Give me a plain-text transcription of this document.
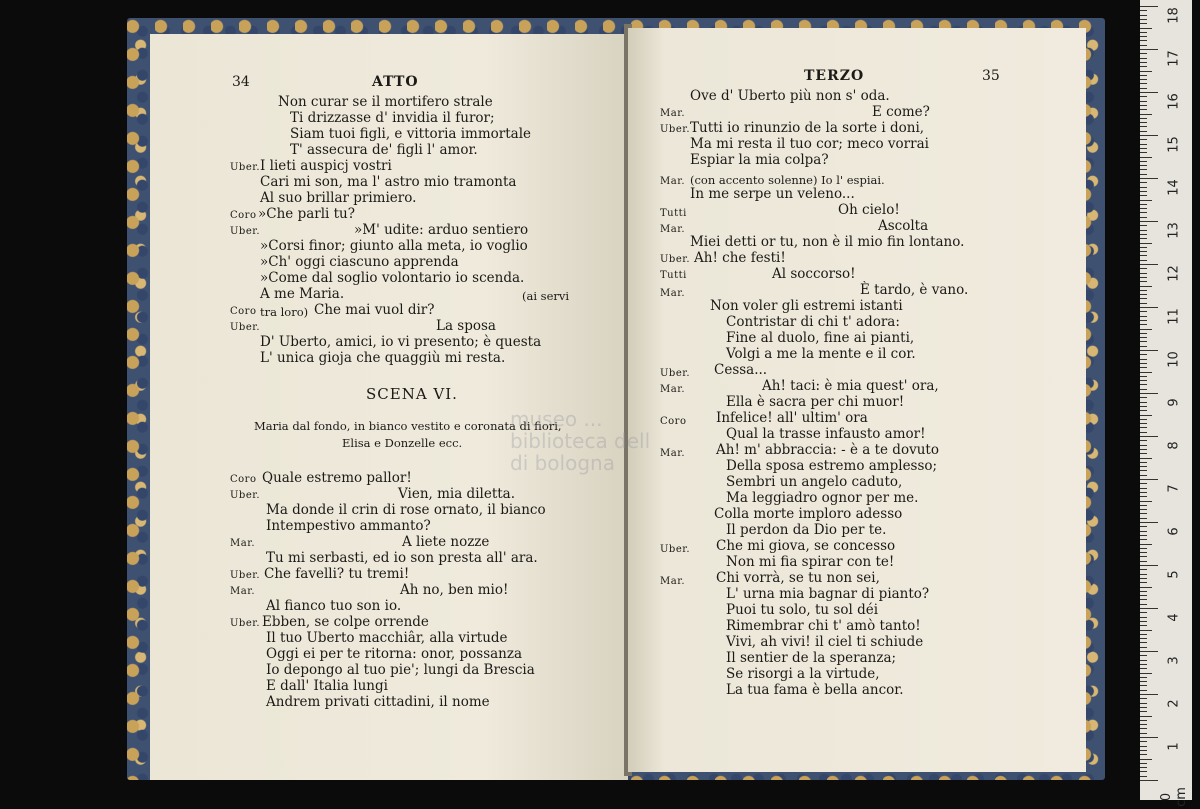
34	ATTO
Non curar se il mortifero strale
Ti drizzasse d' invidia il furor;
Siam tuoi figli, e vittoria immortale
T' assecura de' figli l' amor.
Uber. I lieti auspicj vostri
Cari mi son, ma l' astro mio tramonta
Al suo brillar primiero.
Coro »Che parli tu?
Uber.	»M' udite: arduo sentiero
»Corsi finor; giunto alla meta, io voglio
»Ch' oggi ciascuno apprenda
»Come dal soglio volontario io scenda.
A me Maria.	(ai servi
Coro tra loro) Che mai vuol dir?
Uber.	La sposa
D' Uberto, amici, io vi presento; è questa
L' unica gioja che quaggiù mi resta.
SCENA VI.
Maria dal fondo, in bianco vestito e coronata di fiori,
Elisa e Donzelle ecc.
Coro Quale estremo pallor!
Uber.	Vien, mia diletta.
Ma donde il crin di rose ornato, il bianco
Intempestivo ammanto?
Mar.	A liete nozze
Tu mi serbasti, ed io son presta all' ara.
Uber. Che favelli? tu tremi!
Mar.	Ah no, ben mio!
Al fianco tuo son io.
Uber. Ebben, se colpe orrende
Il tuo Uberto macchiâr, alla virtude
Oggi ei per te ritorna: onor, possanza
Io depongo al tuo pie'; lungi da Brescia
E dall' Italia lungi
Andrem privati cittadini, il nome
TERZO	35
Ove d' Uberto più non s' oda.
Mar.	E come?
Uber. Tutti io rinunzio de la sorte i doni,
Ma mi resta il tuo cor; meco vorrai
Espiar la mia colpa?
Mar. (con accento solenne) Io l' espiai.
In me serpe un veleno...
Tutti	Oh cielo!
Mar.	Ascolta
Miei detti or tu, non è il mio fin lontano.
Uber. Ah! che festi!
Tutti	Al soccorso!
Mar.	È tardo, è vano.
Non voler gli estremi istanti
Contristar di chi t' adora:
Fine al duolo, fine ai pianti,
Volgi a me la mente e il cor.
Uber. Cessa...
Mar.	Ah! taci: è mia quest' ora,
Ella è sacra per chi muor!
Coro Infelice! all' ultim' ora
Qual la trasse infausto amor!
Mar. Ah! m' abbraccia: - è a te dovuto
Della sposa estremo amplesso;
Sembri un angelo caduto,
Ma leggiadro ognor per me.
Colla morte imploro adesso
Il perdon da Dio per te.
Uber. Che mi giova, se concesso
Non mi fia spirar con te!
Mar. Chi vorrà, se tu non sei,
L' urna mia bagnar di pianto?
Puoi tu solo, tu sol déi
Rimembrar chi t' amò tanto!
Vivi, ah vivi! il ciel ti schiude
Il sentier de la speranza;
Se risorgi a la virtude,
La tua fama è bella ancor.
museo ...
biblioteca dell
di bologna
18
17
16
15
14
13
12
11
10
9
8
7
6
5
4
3
2
1
0 cm
